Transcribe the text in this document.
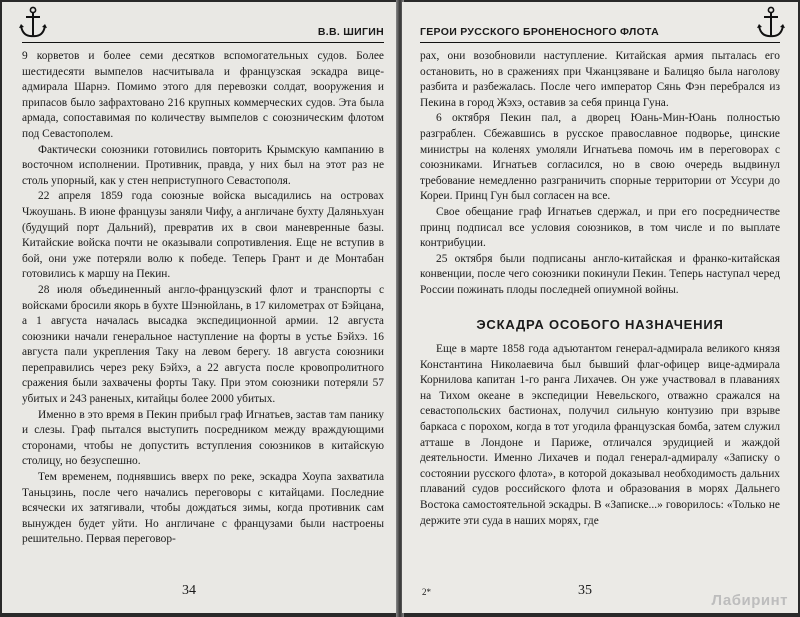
В.В. ШИГИН

9 корветов и более семи десятков вспомогательных судов. Более шестидесяти вымпелов насчитывала и французская эскадра вице-адмирала Шарнэ. Помимо этого для перевозки солдат, вооружения и припасов было зафрахтовано 216 крупных коммерческих судов. Эта была армада, сопоставимая по количеству вымпелов с союзническим флотом под Севастополем.

Фактически союзники готовились повторить Крымскую кампанию в восточном исполнении. Противник, правда, у них был на этот раз не столь упорный, как у стен неприступного Севастополя.

22 апреля 1859 года союзные войска высадились на островах Чжоушань. В июне французы заняли Чифу, а англичане бухту Даляньхуан (будущий порт Дальний), превратив их в свои маневренные базы. Китайские войска почти не оказывали сопротивления. Еще не вступив в бой, они уже потеряли волю к победе. Теперь Грант и де Монтабан готовились к маршу на Пекин.

28 июля объединенный англо-французский флот и транспорты с войсками бросили якорь в бухте Шэнюйлань, в 17 километрах от Бэйцана, а 1 августа началась высадка экспедиционной армии. 12 августа союзники начали генеральное наступление на форты в устье Бэйхэ. 16 августа пали укрепления Таку на левом берегу. 18 августа союзники переправились через реку Бэйхэ, а 22 августа после кровопролитного сражения были захвачены форты Таку. При этом союзники потеряли 57 убитых и 243 раненых, китайцы более 2000 убитых.

Именно в это время в Пекин прибыл граф Игнатьев, застав там панику и слезы. Граф пытался выступить посредником между враждующими сторонами, чтобы не допустить вступления союзников в китайскую столицу, но безуспешно.

Тем временем, поднявшись вверх по реке, эскадра Хоупа захватила Таньцзинь, после чего начались переговоры с китайцами. Последние всячески их затягивали, чтобы дождаться зимы, когда противник сам вынужден будет уйти. Но англичане с французами были настроены решительно. Первая переговор-

34
ГЕРОИ РУССКОГО БРОНЕНОСНОГО ФЛОТА

рах, они возобновили наступление. Китайская армия пыталась его остановить, но в сражениях при Чжанцзяване и Балицяо была наголову разбита и разбежалась. После чего император Сянь Фэн перебрался из Пекина в город Жэхэ, оставив за себя принца Гуна.

6 октября Пекин пал, а дворец Юань-Мин-Юань полностью разграблен. Сбежавшись в русское православное подворье, цинские министры на коленях умоляли Игнатьева помочь им в переговорах с союзниками. Игнатьев согласился, но в свою очередь выдвинул требование немедленно разграничить спорные территории от Уссури до Кореи. Принц Гун был согласен на все.

Свое обещание граф Игнатьев сдержал, и при его посредничестве принц подписал все условия союзников, в том числе и по выплате контрибуции.

25 октября были подписаны англо-китайская и франко-китайская конвенции, после чего союзники покинули Пекин. Теперь наступал черед России пожинать плоды последней опиумной войны.

ЭСКАДРА ОСОБОГО НАЗНАЧЕНИЯ

Еще в марте 1858 года адъютантом генерал-адмирала великого князя Константина Николаевича был бывший флаг-офицер вице-адмирала Корнилова капитан 1-го ранга Лихачев. Он уже участвовал в плаваниях на Тихом океане в экспедиции Невельского, отважно сражался на севастопольских бастионах, получил сильную контузию при взрыве баркаса с порохом, когда в тот угодила французская бомба, затем служил атташе в Лондоне и Париже, отличался эрудицией и жаждой деятельности. Именно Лихачев и подал генерал-адмиралу «Записку о состоянии русского флота», в которой доказывал необходимость дальних плаваний судов российского флота и образования в морях Дальнего Востока самостоятельной эскадры. В «Записке...» говорилось: «Только не держите эти суда в наших морях, где

2*	35
Лабиринт
